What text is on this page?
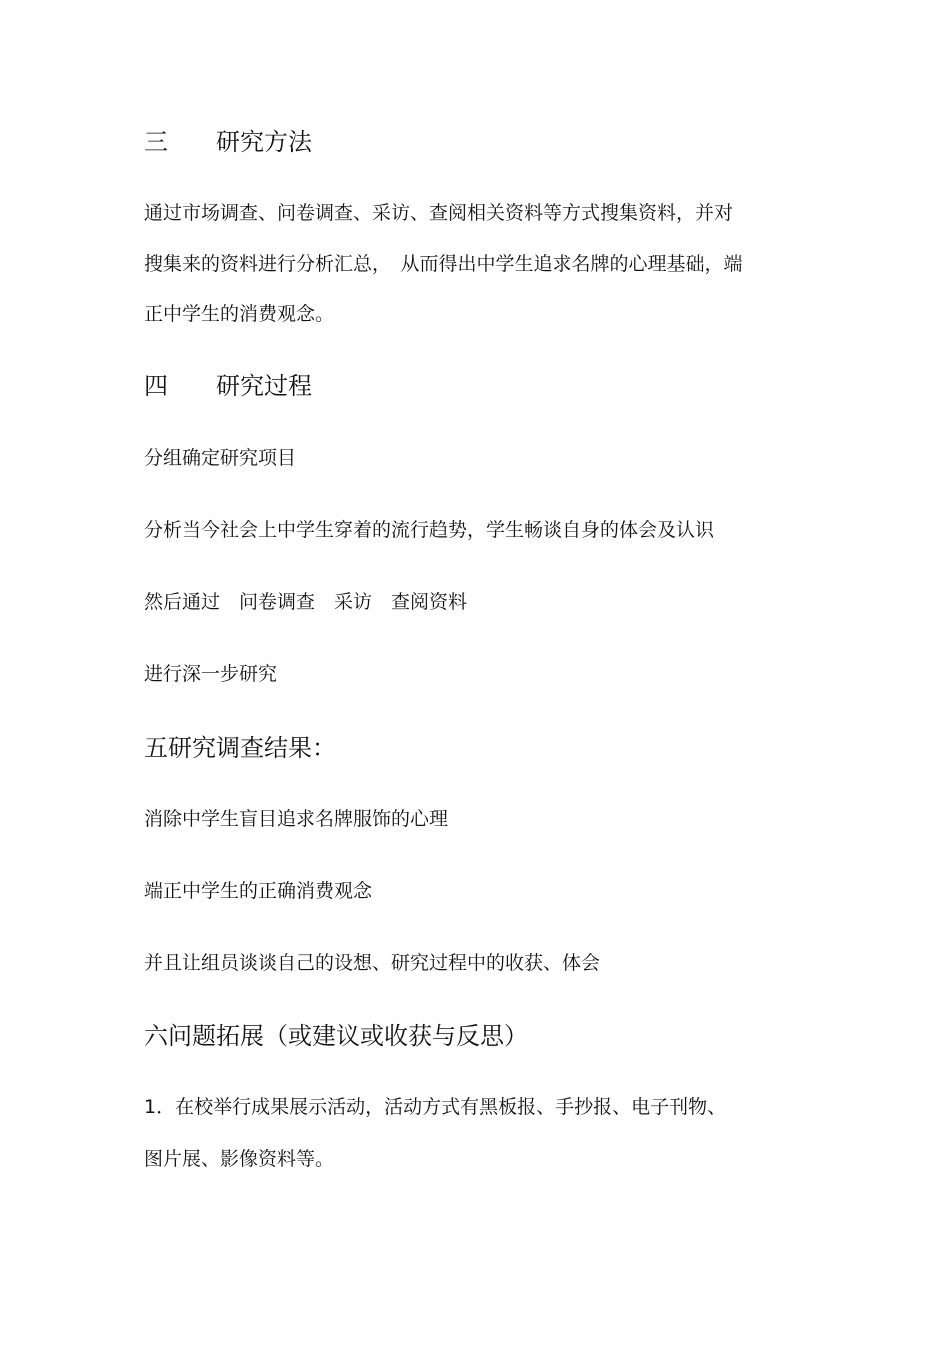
三　　研究方法
通过市场调查、问卷调查、采访、查阅相关资料等方式搜集资料，并对
搜集来的资料进行分析汇总，　从而得出中学生追求名牌的心理基础，端
正中学生的消费观念。
四　　研究过程
分组确定研究项目
分析当今社会上中学生穿着的流行趋势，学生畅谈自身的体会及认识
然后通过　问卷调查　采访　查阅资料
进行深一步研究
五研究调查结果：
消除中学生盲目追求名牌服饰的心理
端正中学生的正确消费观念
并且让组员谈谈自己的设想、研究过程中的收获、体会
六问题拓展（或建议或收获与反思）
1．在校举行成果展示活动，活动方式有黑板报、手抄报、电子刊物、
图片展、影像资料等。
